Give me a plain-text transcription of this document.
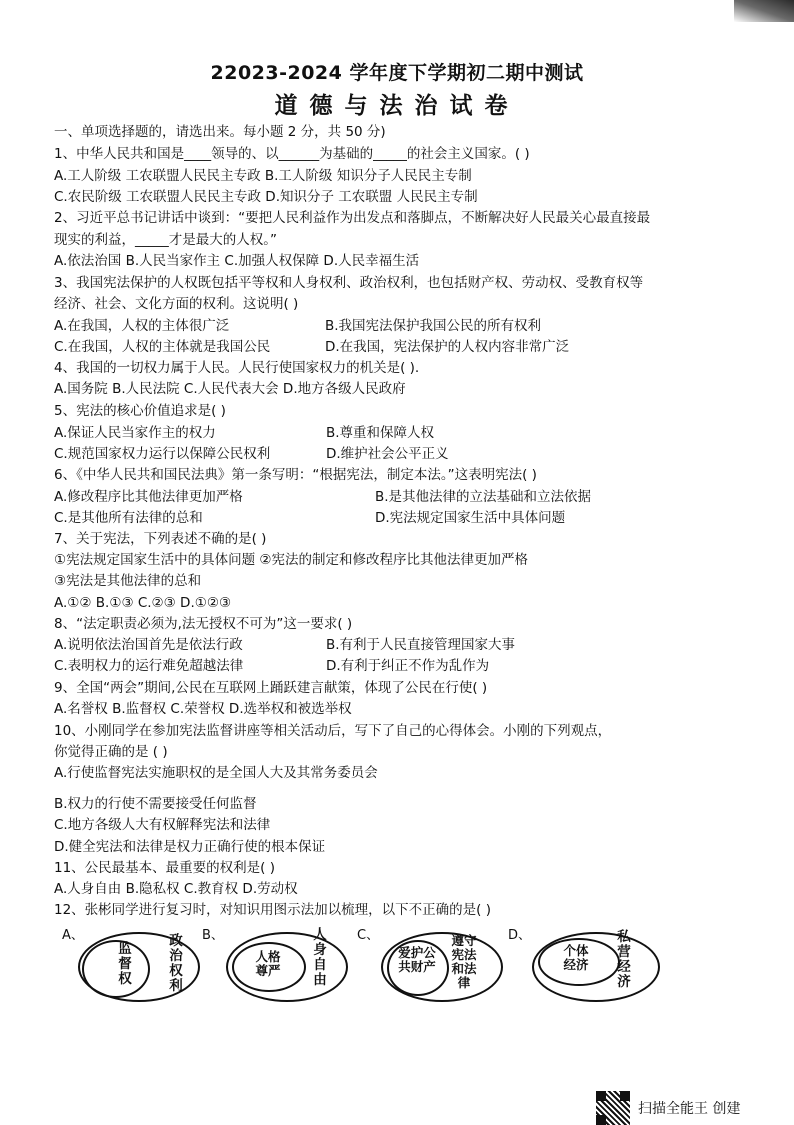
22023-2024 学年度下学期初二期中测试
道德与法治试卷
一、单项选择题的，请选出来。每小题 2 分，共 50 分)
1、中华人民共和国是____领导的、以______为基础的_____的社会主义国家。( )
A.工人阶级 工农联盟人民民主专政 B.工人阶级 知识分子人民民主专制
C.农民阶级 工农联盟人民民主专政 D.知识分子 工农联盟 人民民主专制
2、习近平总书记讲话中谈到：“要把人民利益作为出发点和落脚点，不断解决好人民最关心最直接最
现实的利益，_____才是最大的人权。”
A.依法治国 B.人民当家作主 C.加强人权保障 D.人民幸福生活
3、我国宪法保护的人权既包括平等权和人身权利、政治权利，也包括财产权、劳动权、受教育权等
经济、社会、文化方面的权利。这说明( )
A.在我国，人权的主体很广泛	B.我国宪法保护我国公民的所有权利
C.在我国，人权的主体就是我国公民	D.在我国，宪法保护的人权内容非常广泛
4、我国的一切权力属于人民。人民行使国家权力的机关是( ).
A.国务院 B.人民法院 C.人民代表大会 D.地方各级人民政府
5、宪法的核心价值追求是( )
A.保证人民当家作主的权力	B.尊重和保障人权
C.规范国家权力运行以保障公民权利	D.维护社会公平正义
6、《中华人民共和国民法典》第一条写明：“根据宪法，制定本法。”这表明宪法( )
A.修改程序比其他法律更加严格	B.是其他法律的立法基础和立法依据
C.是其他所有法律的总和	D.宪法规定国家生活中具体问题
7、关于宪法，下列表述不确的是( )
①宪法规定国家生活中的具体问题 ②宪法的制定和修改程序比其他法律更加严格
③宪法是其他法律的总和
A.①② B.①③ C.②③ D.①②③
8、“法定职责必须为,法无授权不可为”这一要求( )
A.说明依法治国首先是依法行政	B.有利于人民直接管理国家大事
C.表明权力的运行难免超越法律	D.有利于纠正不作为乱作为
9、全国“两会”期间,公民在互联网上踊跃建言献策，体现了公民在行使( )
A.名誉权 B.监督权 C.荣誉权 D.选举权和被选举权
10、小刚同学在参加宪法监督讲座等相关活动后，写下了自己的心得体会。小刚的下列观点，
你觉得正确的是 ( )
A.行使监督宪法实施职权的是全国人大及其常务委员会
B.权力的行使不需要接受任何监督
C.地方各级人大有权解释宪法和法律
D.健全宪法和法律是权力正确行使的根本保证
11、公民最基本、最重要的权利是( )
A.人身自由 B.隐私权 C.教育权 D.劳动权
12、张彬同学进行复习时，对知识用图示法加以梳理，以下不正确的是( )
A、
监督权
政治权利
B、
人格尊严
人身自由
C、
爱护公共财产
遵守宪法和法律
D、
个体经济
私营经济
扫描全能王 创建
